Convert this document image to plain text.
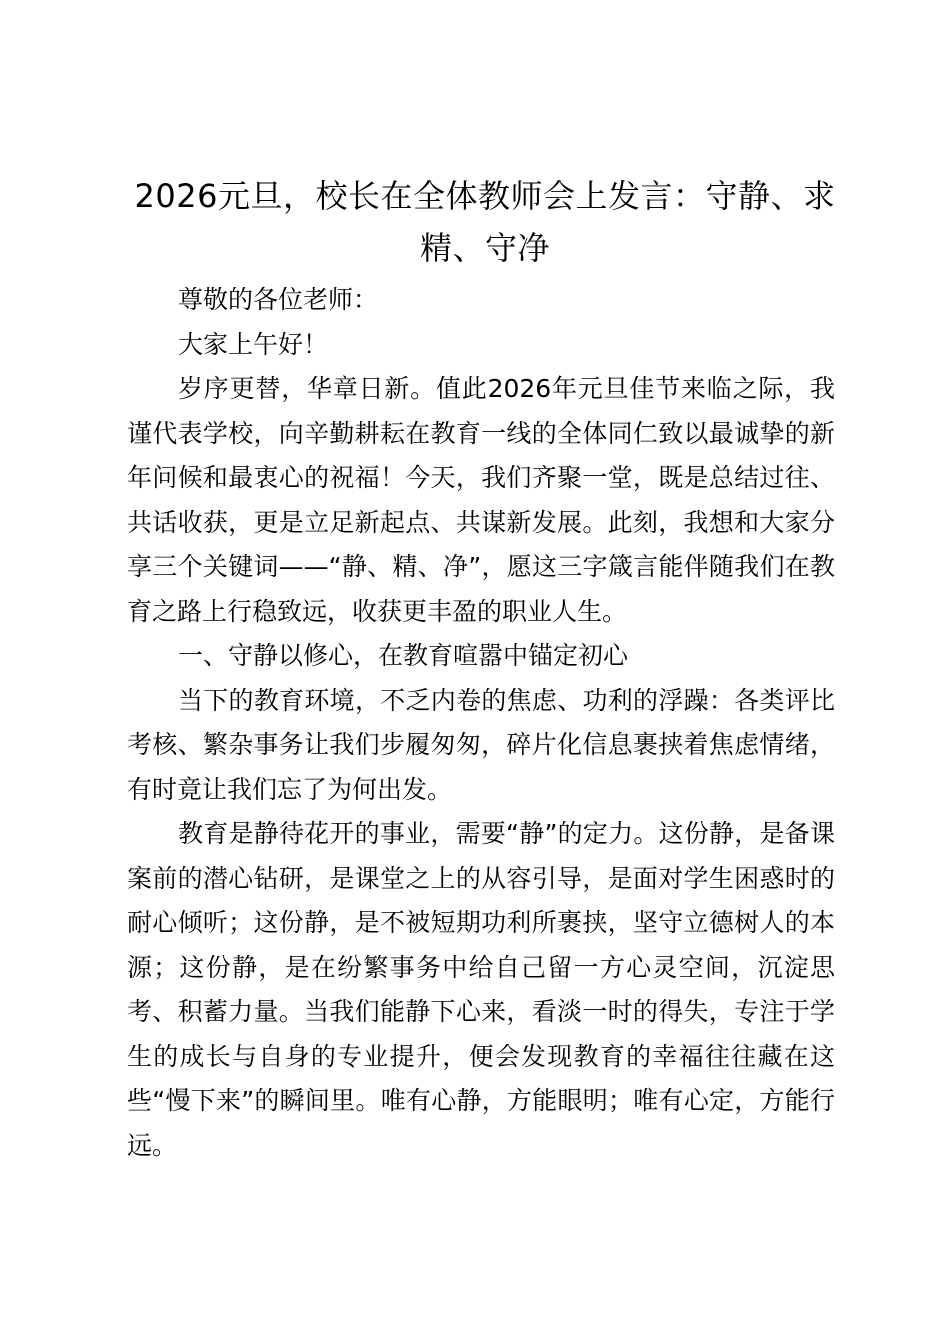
2026元旦，校长在全体教师会上发言：守静、求精、守净

尊敬的各位老师：

大家上午好！

岁序更替，华章日新。值此2026年元旦佳节来临之际，我谨代表学校，向辛勤耕耘在教育一线的全体同仁致以最诚挚的新年问候和最衷心的祝福！今天，我们齐聚一堂，既是总结过往、共话收获，更是立足新起点、共谋新发展。此刻，我想和大家分享三个关键词——“静、精、净”，愿这三字箴言能伴随我们在教育之路上行稳致远，收获更丰盈的职业人生。

一、守静以修心，在教育喧嚣中锚定初心

当下的教育环境，不乏内卷的焦虑、功利的浮躁：各类评比考核、繁杂事务让我们步履匆匆，碎片化信息裹挟着焦虑情绪，有时竟让我们忘了为何出发。

教育是静待花开的事业，需要“静”的定力。这份静，是备课案前的潜心钻研，是课堂之上的从容引导，是面对学生困惑时的耐心倾听；这份静，是不被短期功利所裹挟，坚守立德树人的本源；这份静，是在纷繁事务中给自己留一方心灵空间，沉淀思考、积蓄力量。当我们能静下心来，看淡一时的得失，专注于学生的成长与自身的专业提升，便会发现教育的幸福往往藏在这些“慢下来”的瞬间里。唯有心静，方能眼明；唯有心定，方能行远。
